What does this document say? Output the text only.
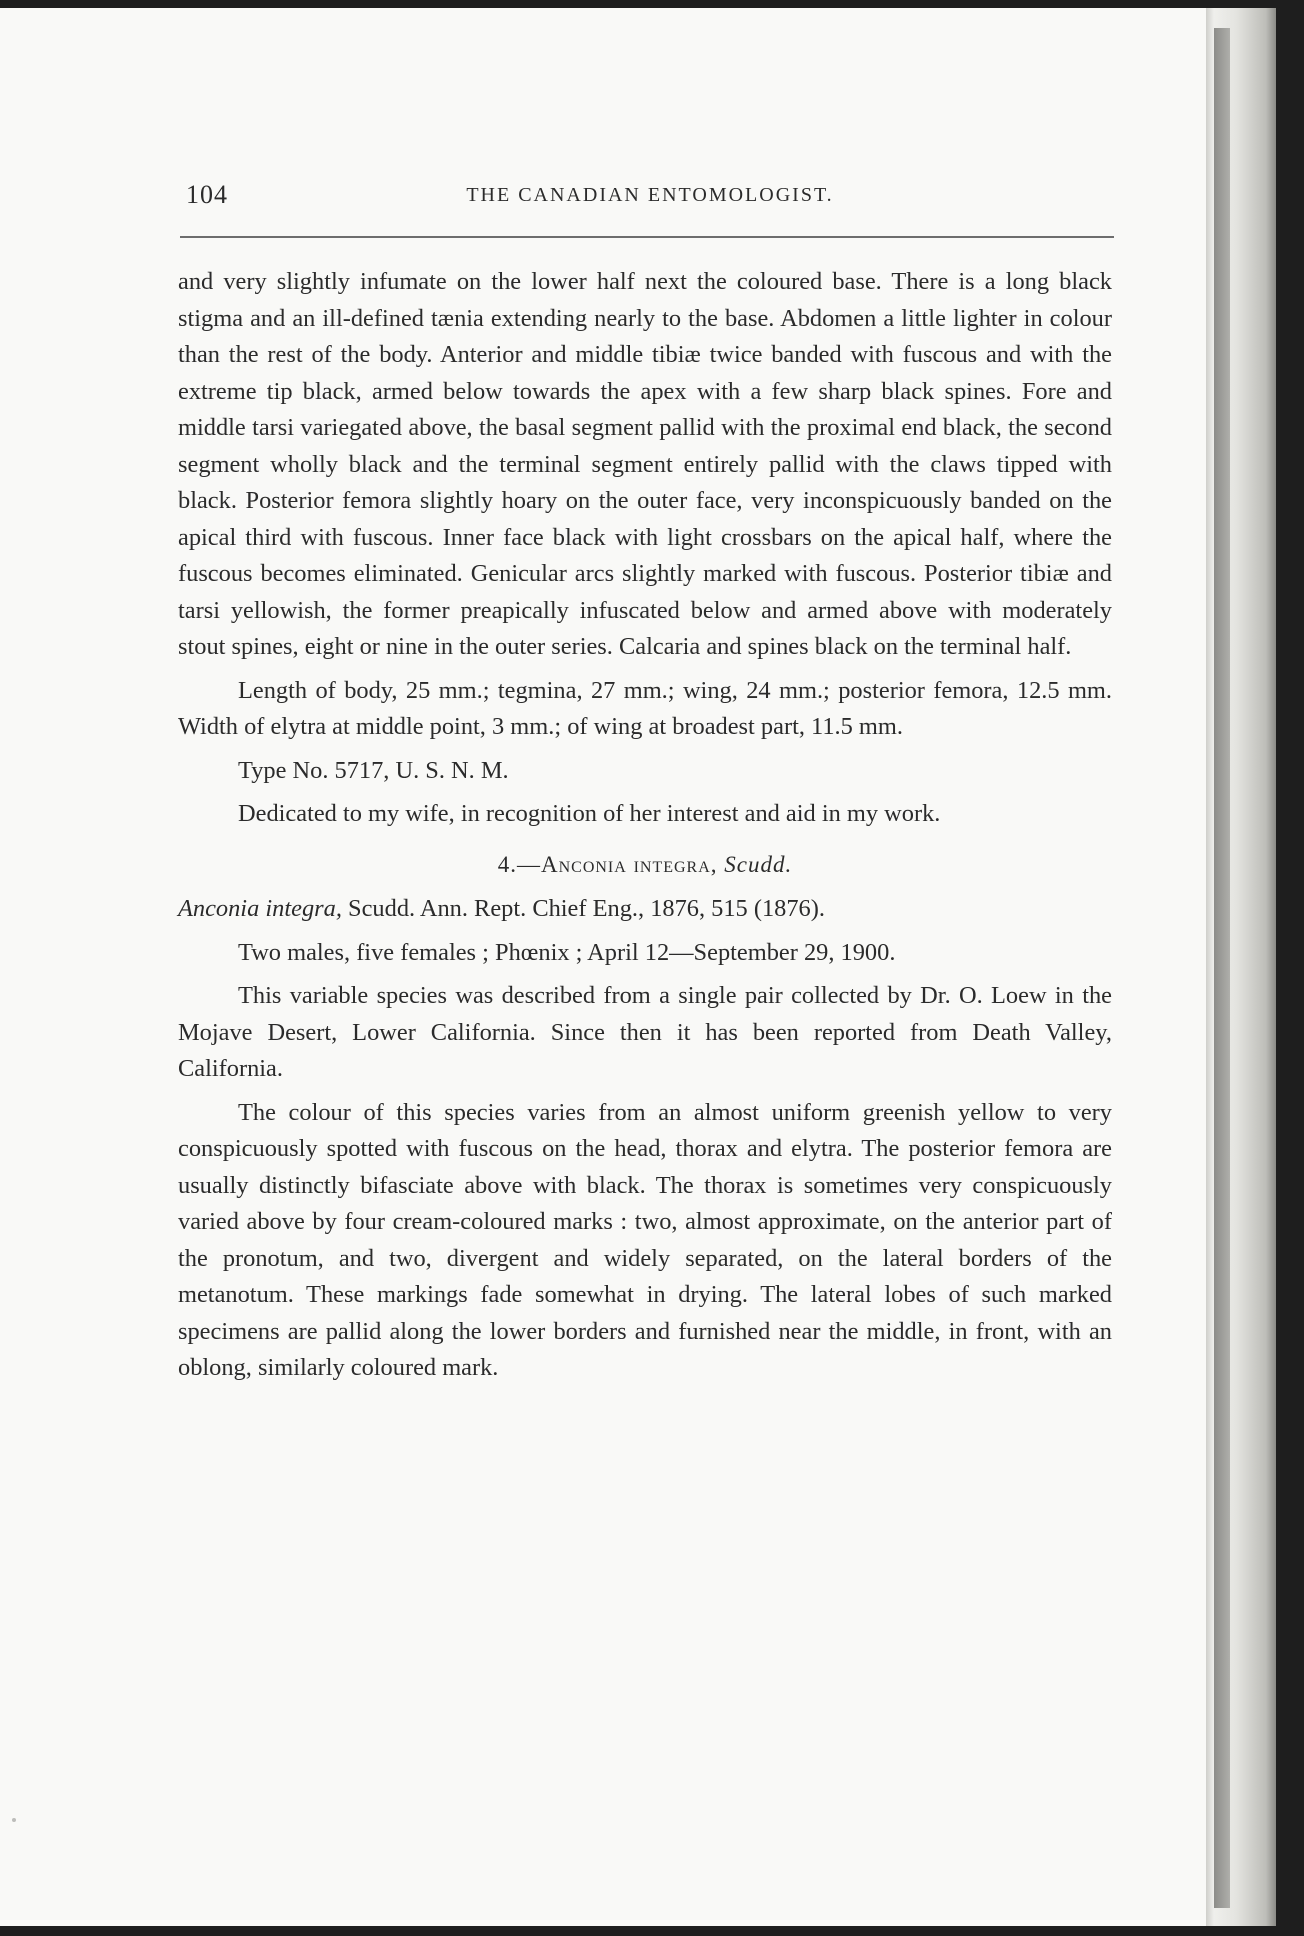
104	THE CANADIAN ENTOMOLOGIST.

and very slightly infumate on the lower half next the coloured base. There is a long black stigma and an ill-defined tænia extending nearly to the base. Abdomen a little lighter in colour than the rest of the body. Anterior and middle tibiæ twice banded with fuscous and with the extreme tip black, armed below towards the apex with a few sharp black spines. Fore and middle tarsi variegated above, the basal segment pallid with the proximal end black, the second segment wholly black and the terminal segment entirely pallid with the claws tipped with black. Posterior femora slightly hoary on the outer face, very inconspicuously banded on the apical third with fuscous. Inner face black with light crossbars on the apical half, where the fuscous becomes eliminated. Genicular arcs slightly marked with fuscous. Posterior tibiæ and tarsi yellowish, the former preapically infuscated below and armed above with moderately stout spines, eight or nine in the outer series. Calcaria and spines black on the terminal half.

Length of body, 25 mm.; tegmina, 27 mm.; wing, 24 mm.; posterior femora, 12.5 mm. Width of elytra at middle point, 3 mm.; of wing at broadest part, 11.5 mm.

Type No. 5717, U. S. N. M.

Dedicated to my wife, in recognition of her interest and aid in my work.

4.—Anconia integra, Scudd.

Anconia integra, Scudd. Ann. Rept. Chief Eng., 1876, 515 (1876).

Two males, five females ; Phœnix ; April 12—September 29, 1900.

This variable species was described from a single pair collected by Dr. O. Loew in the Mojave Desert, Lower California. Since then it has been reported from Death Valley, California.

The colour of this species varies from an almost uniform greenish yellow to very conspicuously spotted with fuscous on the head, thorax and elytra. The posterior femora are usually distinctly bifasciate above with black. The thorax is sometimes very conspicuously varied above by four cream-coloured marks : two, almost approximate, on the anterior part of the pronotum, and two, divergent and widely separated, on the lateral borders of the metanotum. These markings fade somewhat in drying. The lateral lobes of such marked specimens are pallid along the lower borders and furnished near the middle, in front, with an oblong, similarly coloured mark.
